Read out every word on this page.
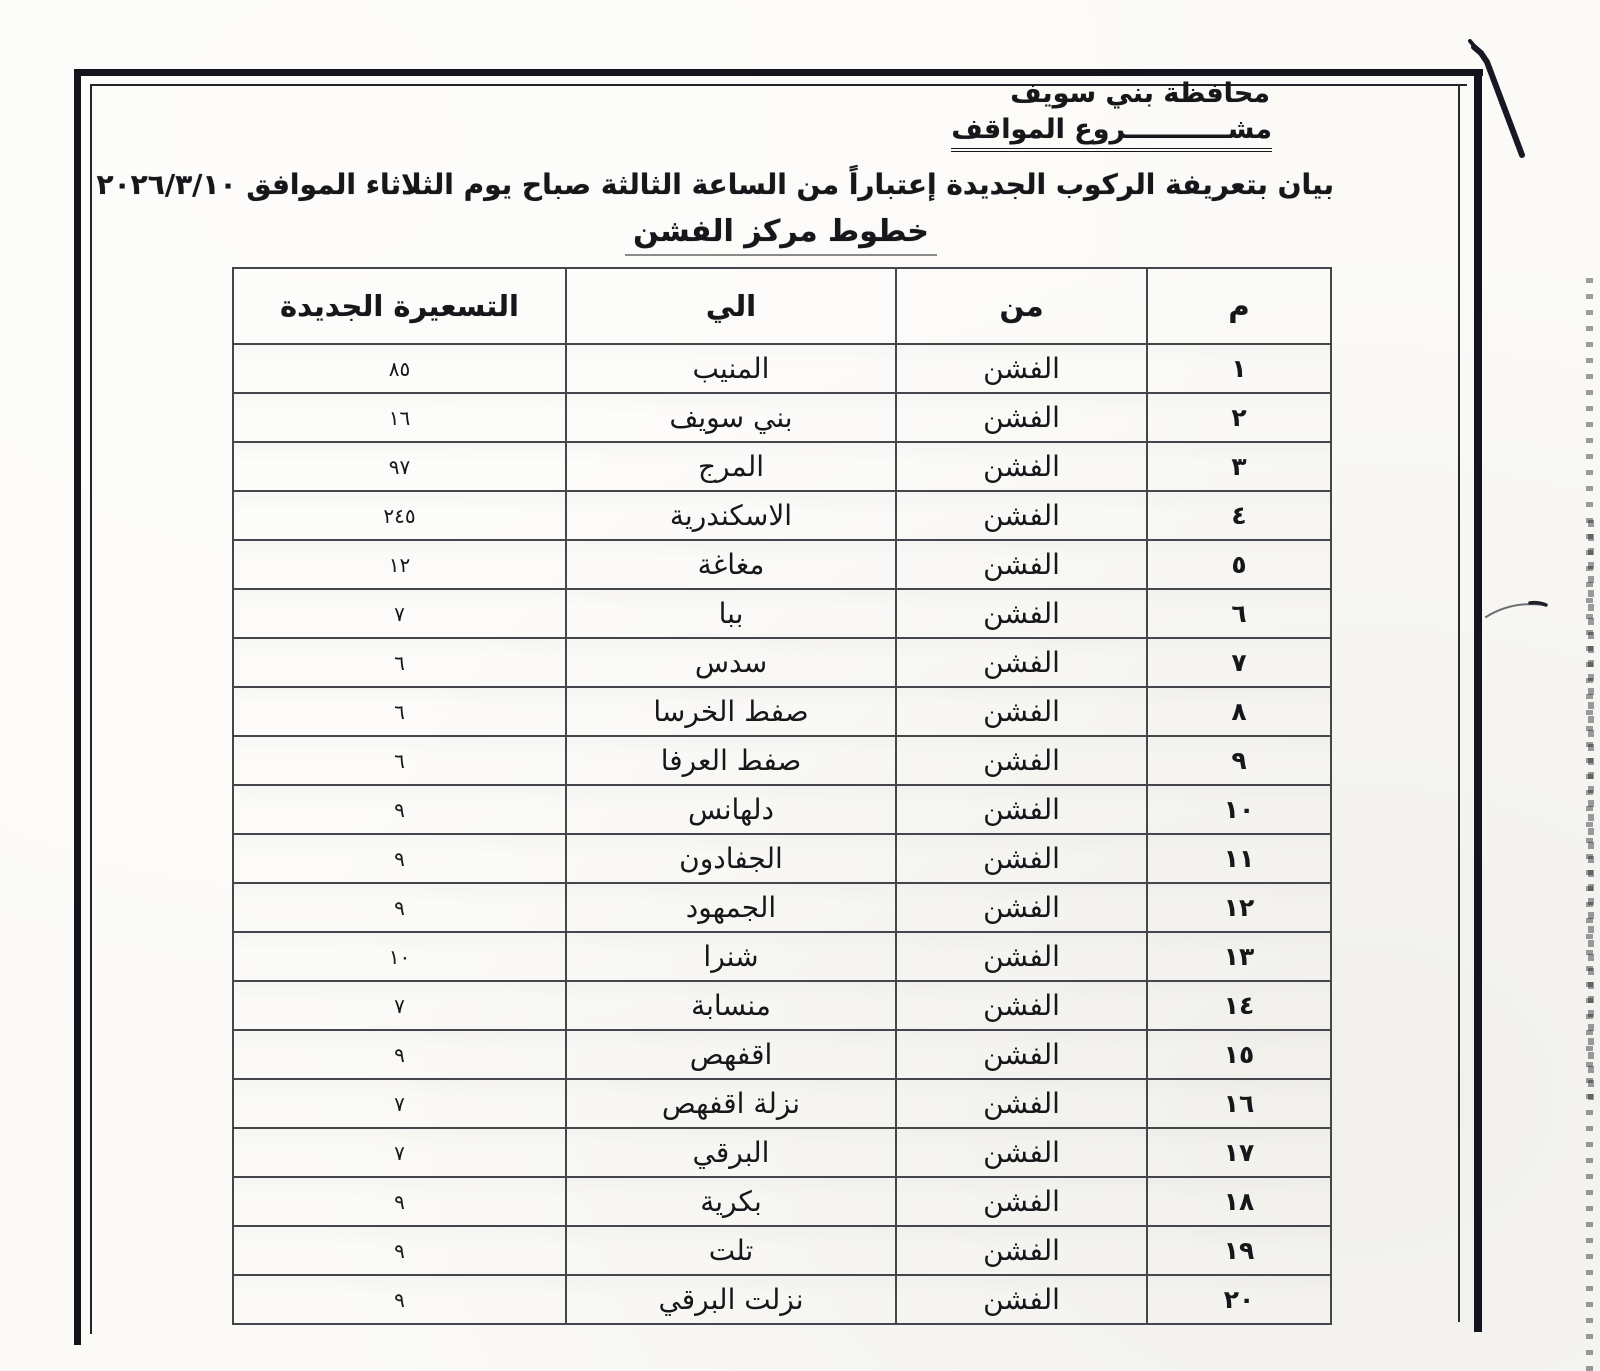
محافظة بني سويف
مشـــــــــــروع المواقف
بيان بتعريفة الركوب الجديدة إعتباراً من الساعة الثالثة صباح يوم الثلاثاء الموافق ٢٠٢٦/٣/١٠
خطوط مركز الفشن
م	من	الي	التسعيرة الجديدة
١	الفشن	المنيب	٨٥
٢	الفشن	بني سويف	١٦
٣	الفشن	المرج	٩٧
٤	الفشن	الاسكندرية	٢٤٥
٥	الفشن	مغاغة	١٢
٦	الفشن	ببا	٧
٧	الفشن	سدس	٦
٨	الفشن	صفط الخرسا	٦
٩	الفشن	صفط العرفا	٦
١٠	الفشن	دلهانس	٩
١١	الفشن	الجفادون	٩
١٢	الفشن	الجمهود	٩
١٣	الفشن	شنرا	١٠
١٤	الفشن	منسابة	٧
١٥	الفشن	اقفهص	٩
١٦	الفشن	نزلة اقفهص	٧
١٧	الفشن	البرقي	٧
١٨	الفشن	بكرية	٩
١٩	الفشن	تلت	٩
٢٠	الفشن	نزلت البرقي	٩
